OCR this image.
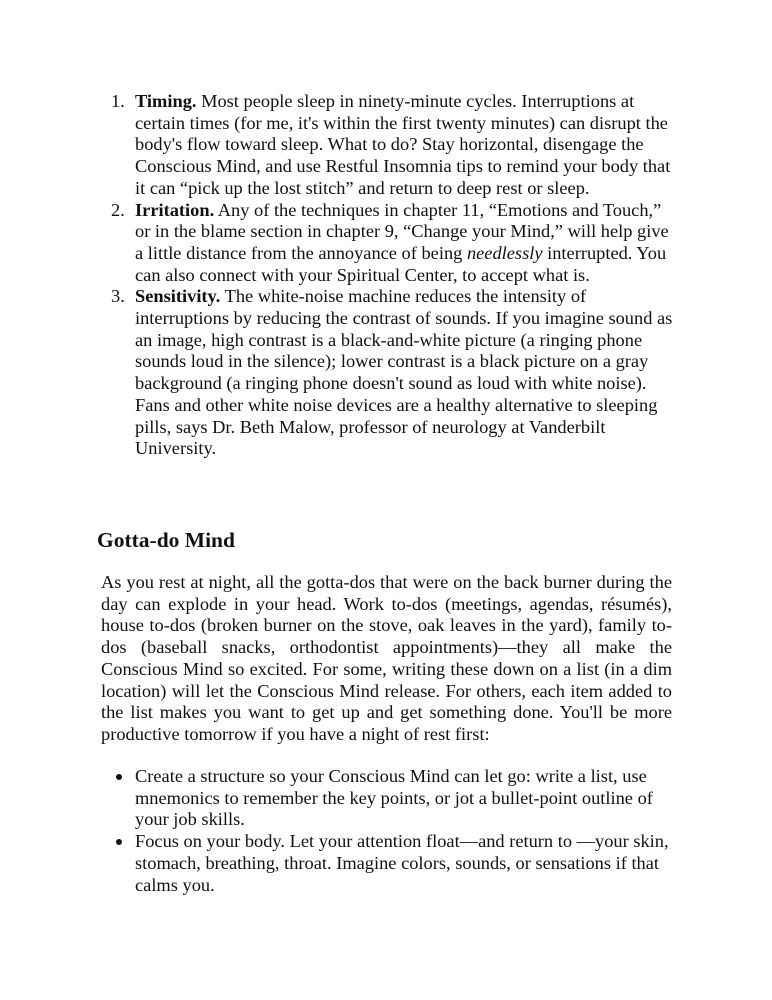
1. Timing. Most people sleep in ninety-minute cycles. Interruptions at certain times (for me, it's within the first twenty minutes) can disrupt the body's flow toward sleep. What to do? Stay horizontal, disengage the Conscious Mind, and use Restful Insomnia tips to remind your body that it can “pick up the lost stitch” and return to deep rest or sleep.
2. Irritation. Any of the techniques in chapter 11, “Emotions and Touch,” or in the blame section in chapter 9, “Change your Mind,” will help give a little distance from the annoyance of being needlessly interrupted. You can also connect with your Spiritual Center, to accept what is.
3. Sensitivity. The white-noise machine reduces the intensity of interruptions by reducing the contrast of sounds. If you imagine sound as an image, high contrast is a black-and-white picture (a ringing phone sounds loud in the silence); lower contrast is a black picture on a gray background (a ringing phone doesn't sound as loud with white noise). Fans and other white noise devices are a healthy alternative to sleeping pills, says Dr. Beth Malow, professor of neurology at Vanderbilt University.
Gotta-do Mind

As you rest at night, all the gotta-dos that were on the back burner during the day can explode in your head. Work to-dos (meetings, agendas, résumés), house to-dos (broken burner on the stove, oak leaves in the yard), family to-dos (baseball snacks, orthodontist appointments)—they all make the Conscious Mind so excited. For some, writing these down on a list (in a dim location) will let the Conscious Mind release. For others, each item added to the list makes you want to get up and get something done. You'll be more productive tomorrow if you have a night of rest first:

Create a structure so your Conscious Mind can let go: write a list, use mnemonics to remember the key points, or jot a bullet-point outline of your job skills.
Focus on your body. Let your attention float—and return to —your skin, stomach, breathing, throat. Imagine colors, sounds, or sensations if that calms you.
